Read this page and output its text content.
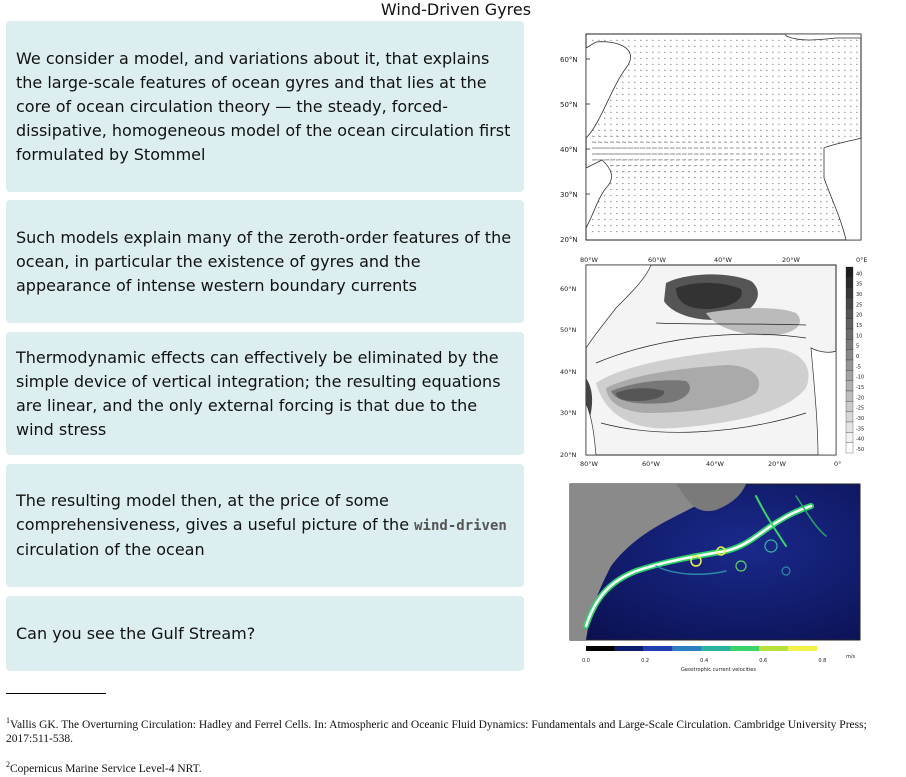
Wind-Driven Gyres

We consider a model, and variations about it, that explains the large-scale features of ocean gyres and that lies at the core of ocean circulation theory — the steady, forced-dissipative, homogeneous model of the ocean circulation first formulated by Stommel

Such models explain many of the zeroth-order features of the ocean, in particular the existence of gyres and the appearance of intense western boundary currents

Thermodynamic effects can effectively be eliminated by the simple device of vertical integration; the resulting equations are linear, and the only external forcing is that due to the wind stress

The resulting model then, at the price of some comprehensiveness, gives a useful picture of the wind-driven circulation of the ocean

Can you see the Gulf Stream?

60°N
50°N
40°N
30°N
20°N
80°W	60°W	40°W	20°W	0°E
60°N
50°N
40°N
30°N
20°N
80°W	60°W	40°W	20°W	0°
40
35
30
25
20
15
10
5
0
-5
-10
-15
-20
-25
-30
-35
-40
-50
0.0	0.2	0.4	0.6	0.8
m/s
Geostrophic current velocities
$^1$Vallis GK. The Overturning Circulation: Hadley and Ferrel Cells. In: Atmospheric and Oceanic Fluid Dynamics: Fundamentals and Large-Scale Circulation. Cambridge University Press; 2017:511-538.
$^2$Copernicus Marine Service Level-4 NRT.
